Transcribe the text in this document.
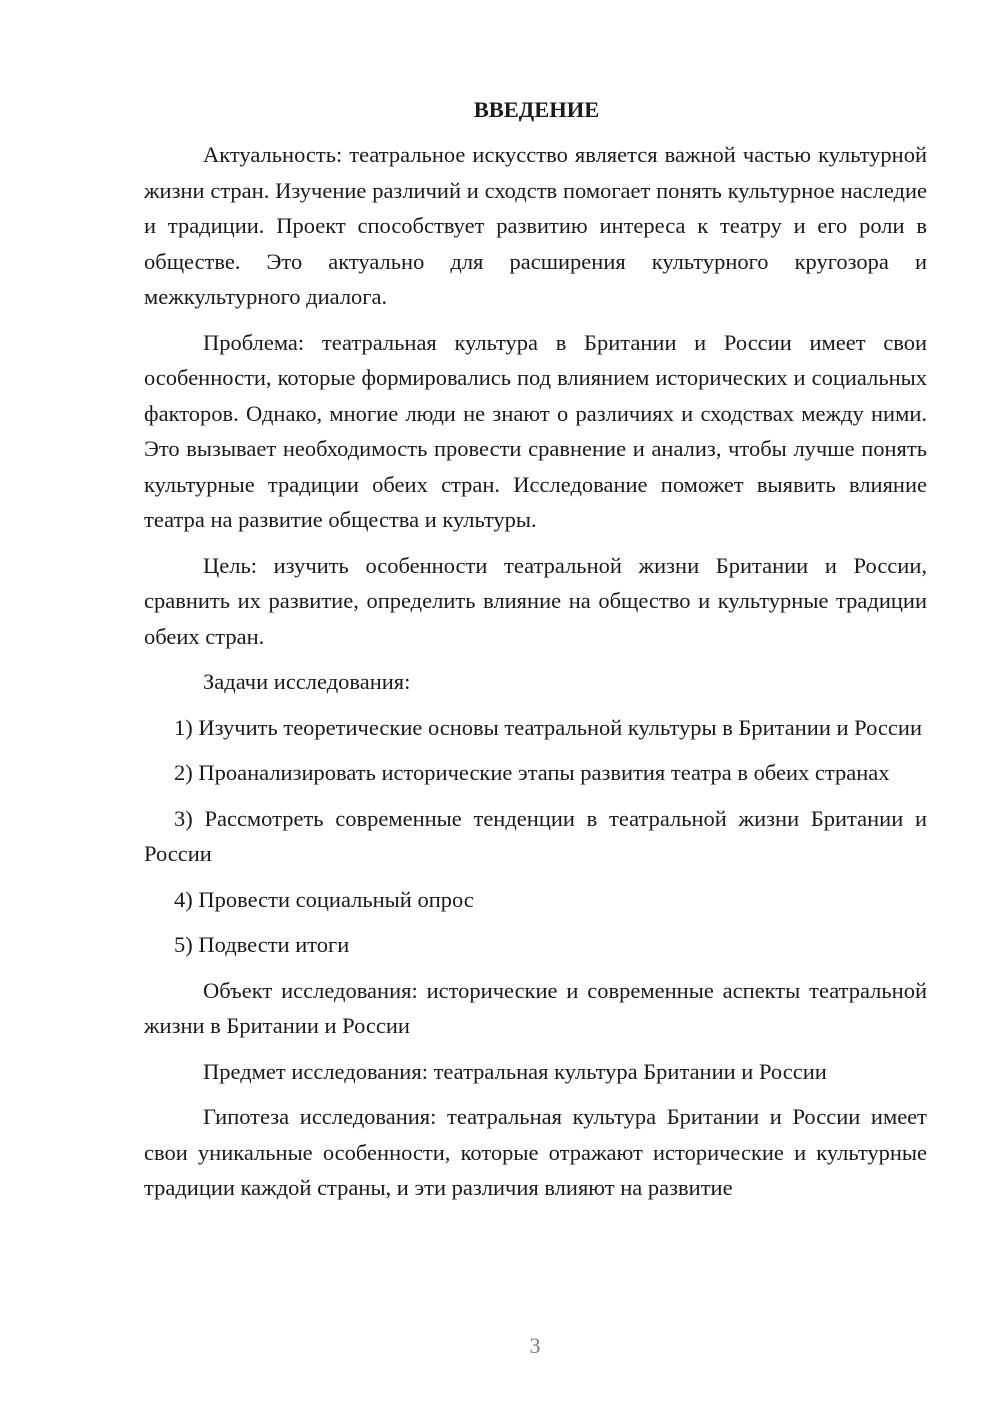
ВВЕДЕНИЕ

Актуальность: театральное искусство является важной частью культурной жизни стран. Изучение различий и сходств помогает понять культурное наследие и традиции. Проект способствует развитию интереса к театру и его роли в обществе. Это актуально для расширения культурного кругозора и межкультурного диалога.

Проблема: театральная культура в Британии и России имеет свои особенности, которые формировались под влиянием исторических и социальных факторов. Однако, многие люди не знают о различиях и сходствах между ними. Это вызывает необходимость провести сравнение и анализ, чтобы лучше понять культурные традиции обеих стран. Исследование поможет выявить влияние театра на развитие общества и культуры.

Цель: изучить особенности театральной жизни Британии и России, сравнить их развитие, определить влияние на общество и культурные традиции обеих стран.

Задачи исследования:

1) Изучить теоретические основы театральной культуры в Британии и России

2) Проанализировать исторические этапы развития театра в обеих странах

3) Рассмотреть современные тенденции в театральной жизни Британии и России

4) Провести социальный опрос

5) Подвести итоги

Объект исследования: исторические и современные аспекты театральной жизни в Британии и России

Предмет исследования: театральная культура Британии и России

Гипотеза исследования: театральная культура Британии и России имеет свои уникальные особенности, которые отражают исторические и культурные традиции каждой страны, и эти различия влияют на развитие

3
